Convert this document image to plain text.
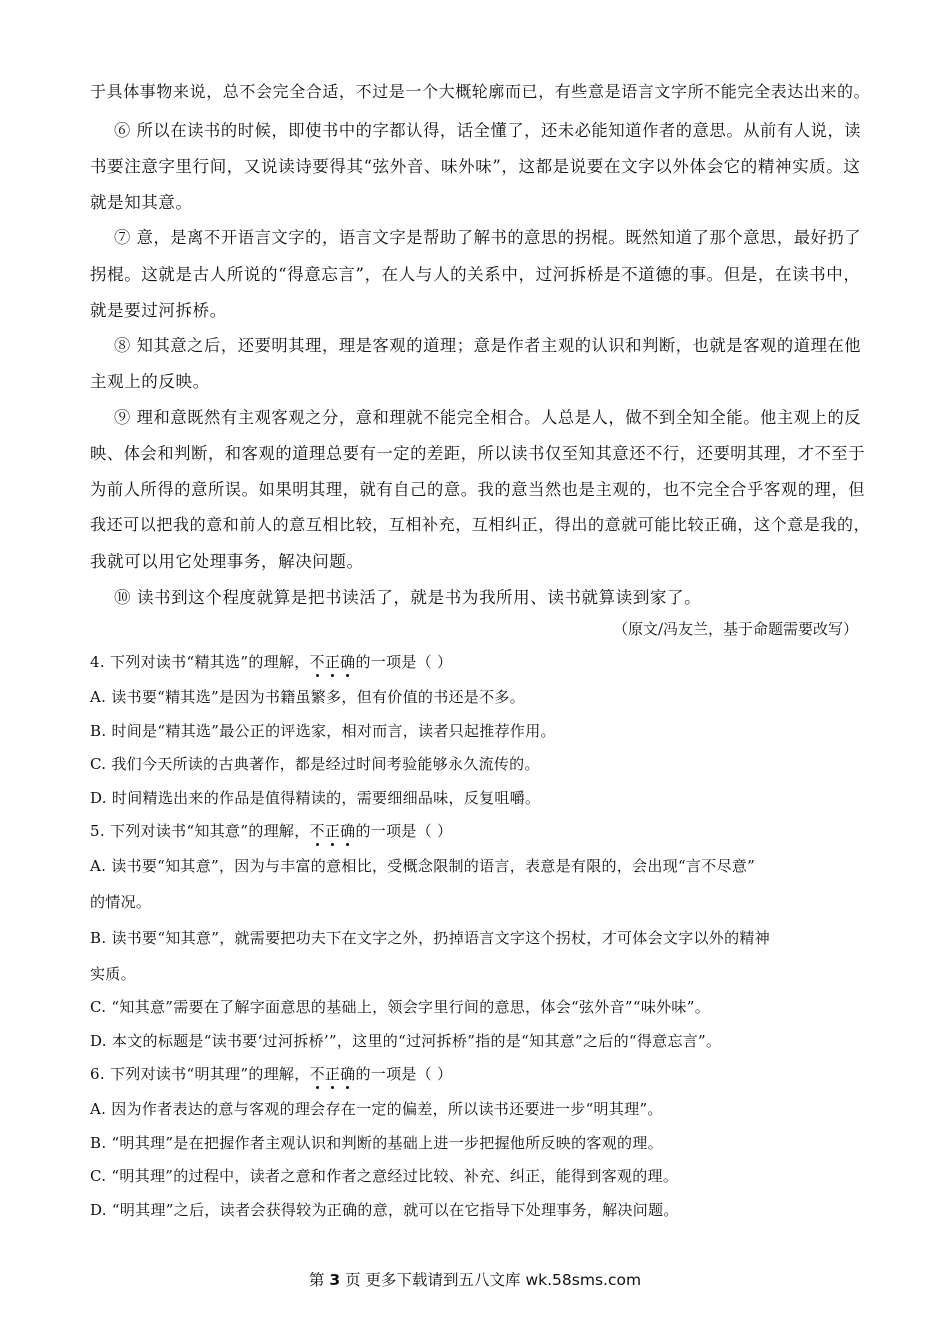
于具体事物来说，总不会完全合适，不过是一个大概轮廓而已，有些意是语言文字所不能完全表达出来的。
⑥ 所以在读书的时候，即使书中的字都认得，话全懂了，还未必能知道作者的意思。从前有人说，读
书要注意字里行间，又说读诗要得其“弦外音、味外味”，这都是说要在文字以外体会它的精神实质。这
就是知其意。
⑦ 意，是离不开语言文字的，语言文字是帮助了解书的意思的拐棍。既然知道了那个意思，最好扔了
拐棍。这就是古人所说的“得意忘言”，在人与人的关系中，过河拆桥是不道德的事。但是，在读书中，
就是要过河拆桥。
⑧ 知其意之后，还要明其理，理是客观的道理；意是作者主观的认识和判断，也就是客观的道理在他
主观上的反映。
⑨ 理和意既然有主观客观之分，意和理就不能完全相合。人总是人，做不到全知全能。他主观上的反
映、体会和判断，和客观的道理总要有一定的差距，所以读书仅至知其意还不行，还要明其理，才不至于
为前人所得的意所误。如果明其理，就有自己的意。我的意当然也是主观的，也不完全合乎客观的理，但
我还可以把我的意和前人的意互相比较，互相补充，互相纠正，得出的意就可能比较正确，这个意是我的，
我就可以用它处理事务，解决问题。
⑩ 读书到这个程度就算是把书读活了，就是书为我所用、读书就算读到家了。
（原文/冯友兰，基于命题需要改写）
4. 下列对读书“精其选”的理解，不正确的一项是（ ）
A. 读书要“精其选”是因为书籍虽繁多，但有价值的书还是不多。
B. 时间是“精其选”最公正的评选家，相对而言，读者只起推荐作用。
C. 我们今天所读的古典著作，都是经过时间考验能够永久流传的。
D. 时间精选出来的作品是值得精读的，需要细细品味，反复咀嚼。
5. 下列对读书“知其意”的理解，不正确的一项是（ ）
A. 读书要“知其意”，因为与丰富的意相比，受概念限制的语言，表意是有限的，会出现“言不尽意”
的情况。
B. 读书要“知其意”，就需要把功夫下在文字之外，扔掉语言文字这个拐杖，才可体会文字以外的精神
实质。
C. “知其意”需要在了解字面意思的基础上，领会字里行间的意思，体会“弦外音”“味外味”。
D. 本文的标题是“读书要‘过河拆桥’”，这里的“过河拆桥”指的是“知其意”之后的“得意忘言”。
6. 下列对读书“明其理”的理解，不正确的一项是（ ）
A. 因为作者表达的意与客观的理会存在一定的偏差，所以读书还要进一步“明其理”。
B. “明其理”是在把握作者主观认识和判断的基础上进一步把握他所反映的客观的理。
C. “明其理”的过程中，读者之意和作者之意经过比较、补充、纠正，能得到客观的理。
D. “明其理”之后，读者会获得较为正确的意，就可以在它指导下处理事务，解决问题。
第 3 页 更多下载请到五八文库 wk.58sms.com
